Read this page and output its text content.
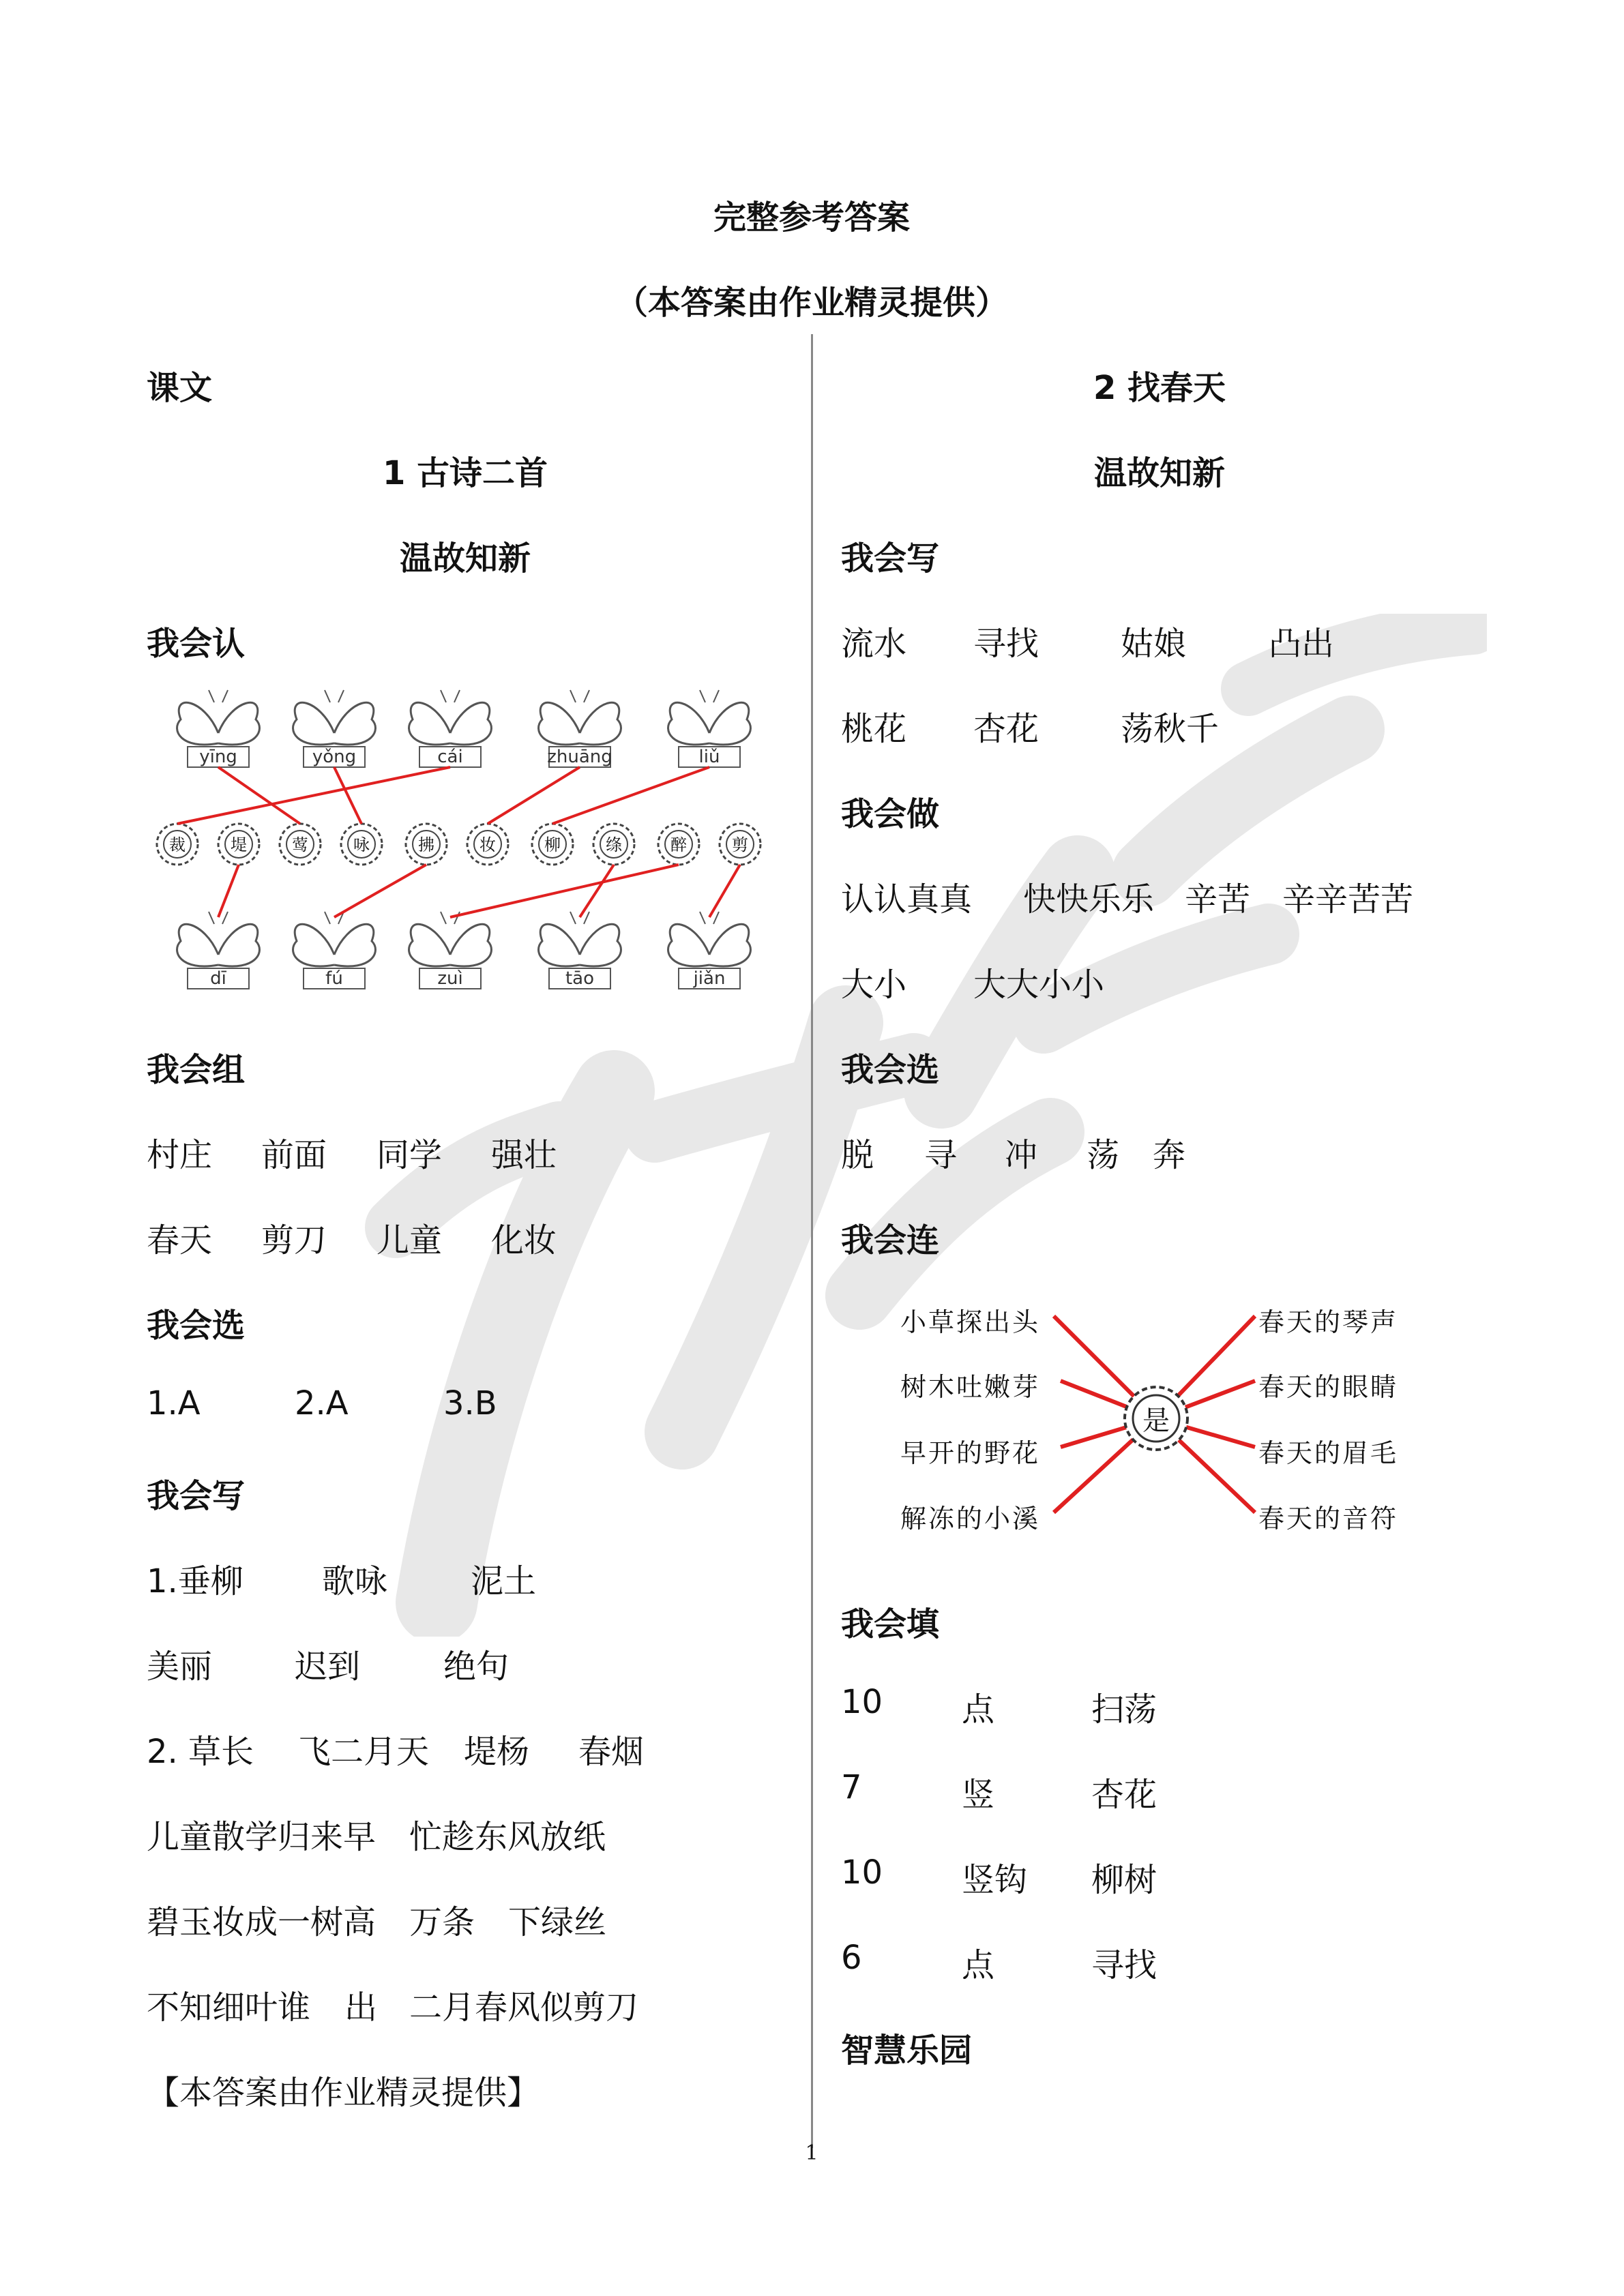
完整参考答案
（本答案由作业精灵提供）
课文
1 古诗二首
温故知新
我会认
yīng	yǒng	cái	zhuāng	liǔ
裁	堤	莺	咏	拂	妆	柳	绦	醉	剪
dī	fú	zuì	tāo	jiǎn
我会组
村庄 前面 同学 强壮
春天 剪刀 儿童 化妆
我会选
1.A	2.A	3.B
我会写
1.垂柳 歌咏	泥土
美丽	迟到	绝句
2. 草长 飞二月天 堤杨 春烟
儿童散学归来早 忙趁东风放纸
碧玉妆成一树高 万条 下绿丝
不知细叶谁 出 二月春风似剪刀
【本答案由作业精灵提供】
2 找春天
温故知新
我会写
流水 寻找 姑娘	凸出
桃花 杏花 荡秋千
我会做
认认真真 快快乐乐 辛苦 辛辛苦苦
大小 大大小小
我会选
脱 寻 冲 荡 奔
我会连
是
小草探出头
树木吐嫩芽
早开的野花
解冻的小溪
春天的琴声
春天的眼睛
春天的眉毛
春天的音符
我会填
10 点	扫荡
7	竖	杏花
10 竖钩 柳树
6	点	寻找
智慧乐园
1
